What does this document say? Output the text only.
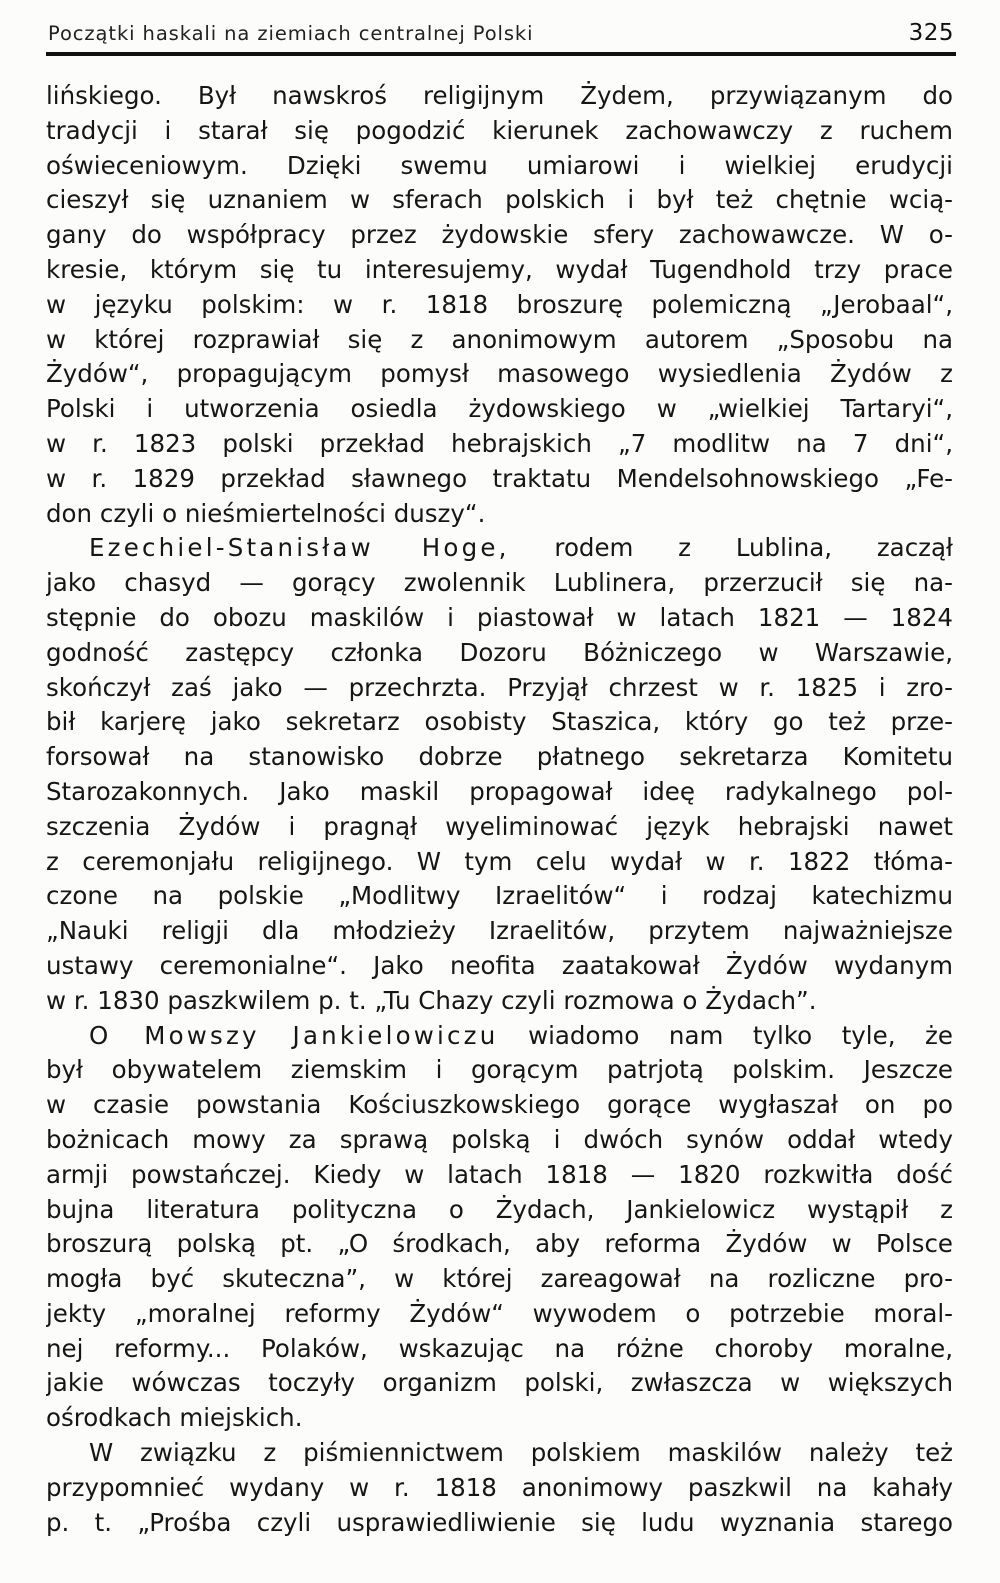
Początki haskali na ziemiach centralnej Polski	325
lińskiego. Był nawskroś religijnym Żydem, przywiązanym do
tradycji i starał się pogodzić kierunek zachowawczy z ruchem
oświeceniowym. Dzięki swemu umiarowi i wielkiej erudycji
cieszył się uznaniem w sferach polskich i był też chętnie wcią-
gany do współpracy przez żydowskie sfery zachowawcze. W o-
kresie, którym się tu interesujemy, wydał Tugendhold trzy prace
w języku polskim: w r. 1818 broszurę polemiczną „Jerobaal“,
w której rozprawiał się z anonimowym autorem „Sposobu na
Żydów“, propagującym pomysł masowego wysiedlenia Żydów z
Polski i utworzenia osiedla żydowskiego w „wielkiej Tartaryi“,
w r. 1823 polski przekład hebrajskich „7 modlitw na 7 dni“,
w r. 1829 przekład sławnego traktatu Mendelsohnowskiego „Fe-
don czyli o nieśmiertelności duszy“.
Ezechiel-Stanisław Hoge, rodem z Lublina, zaczął
jako chasyd — gorący zwolennik Lublinera, przerzucił się na-
stępnie do obozu maskilów i piastował w latach 1821 — 1824
godność zastępcy członka Dozoru Bóżniczego w Warszawie,
skończył zaś jako — przechrzta. Przyjął chrzest w r. 1825 i zro-
bił karjerę jako sekretarz osobisty Staszica, który go też prze-
forsował na stanowisko dobrze płatnego sekretarza Komitetu
Starozakonnych. Jako maskil propagował ideę radykalnego pol-
szczenia Żydów i pragnął wyeliminować język hebrajski nawet
z ceremonjału religijnego. W tym celu wydał w r. 1822 tłóma-
czone na polskie „Modlitwy Izraelitów“ i rodzaj katechizmu
„Nauki religji dla młodzieży Izraelitów, przytem najważniejsze
ustawy ceremonialne“. Jako neofita zaatakował Żydów wydanym
w r. 1830 paszkwilem p. t. „Tu Chazy czyli rozmowa o Żydach”.
O Mowszy Jankielowiczu wiadomo nam tylko tyle, że
był obywatelem ziemskim i gorącym patrjotą polskim. Jeszcze
w czasie powstania Kościuszkowskiego gorące wygłaszał on po
bożnicach mowy za sprawą polską i dwóch synów oddał wtedy
armji powstańczej. Kiedy w latach 1818 — 1820 rozkwitła dość
bujna literatura polityczna o Żydach, Jankielowicz wystąpił z
broszurą polską pt. „O środkach, aby reforma Żydów w Polsce
mogła być skuteczna”, w której zareagował na rozliczne pro-
jekty „moralnej reformy Żydów“ wywodem o potrzebie moral-
nej reformy... Polaków, wskazując na różne choroby moralne,
jakie wówczas toczyły organizm polski, zwłaszcza w większych
ośrodkach miejskich.
W związku z piśmiennictwem polskiem maskilów należy też
przypomnieć wydany w r. 1818 anonimowy paszkwil na kahały
p. t. „Prośba czyli usprawiedliwienie się ludu wyznania starego
